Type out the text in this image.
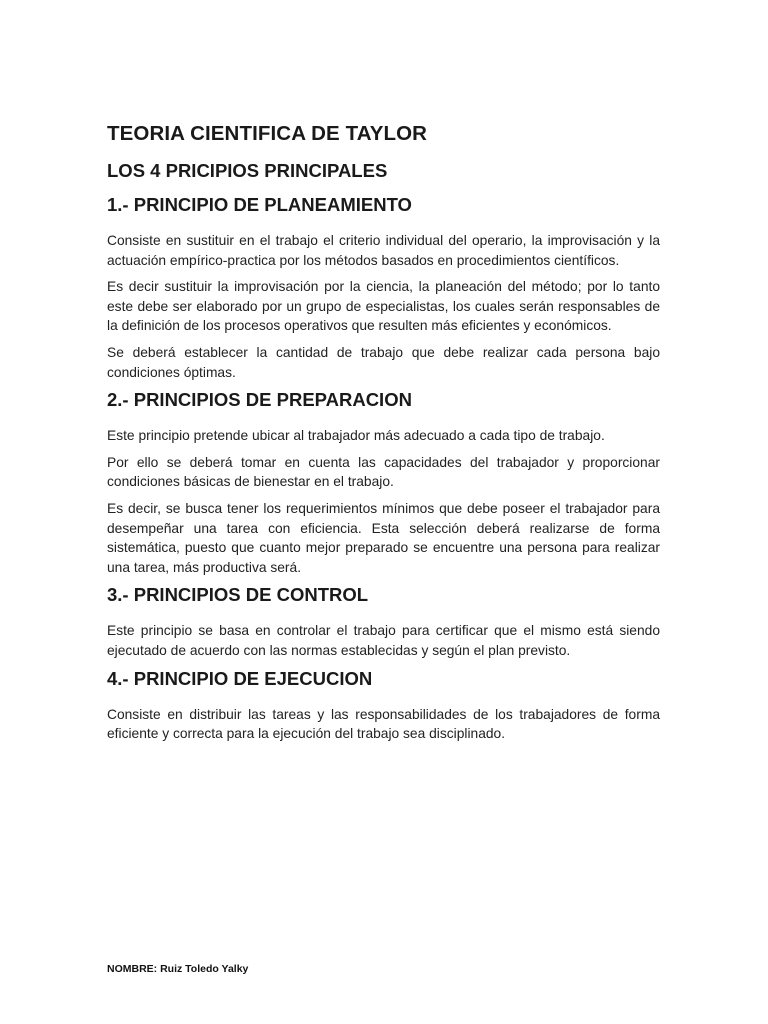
TEORIA CIENTIFICA DE TAYLOR
LOS 4 PRICIPIOS PRINCIPALES
1.- PRINCIPIO DE PLANEAMIENTO

Consiste en sustituir en el trabajo el criterio individual del operario, la improvisación y la actuación empírico-practica por los métodos basados en procedimientos científicos.

Es decir sustituir la improvisación por la ciencia, la planeación del método; por lo tanto este debe ser elaborado por un grupo de especialistas, los cuales serán responsables de la definición de los procesos operativos que resulten más eficientes y económicos.

Se deberá establecer la cantidad de trabajo que debe realizar cada persona bajo condiciones óptimas.

2.- PRINCIPIOS DE PREPARACION

Este principio pretende ubicar al trabajador más adecuado a cada tipo de trabajo.

Por ello se deberá tomar en cuenta las capacidades del trabajador y proporcionar condiciones básicas de bienestar en el trabajo.

Es decir, se busca tener los requerimientos mínimos que debe poseer el trabajador para desempeñar una tarea con eficiencia. Esta selección deberá realizarse de forma sistemática, puesto que cuanto mejor preparado se encuentre una persona para realizar una tarea, más productiva será.

3.- PRINCIPIOS DE CONTROL

Este principio se basa en controlar el trabajo para certificar que el mismo está siendo ejecutado de acuerdo con las normas establecidas y según el plan previsto.

4.- PRINCIPIO DE EJECUCION

Consiste en distribuir las tareas y las responsabilidades de los trabajadores de forma eficiente y correcta para la ejecución del trabajo sea disciplinado.

NOMBRE: Ruiz Toledo Yalky
